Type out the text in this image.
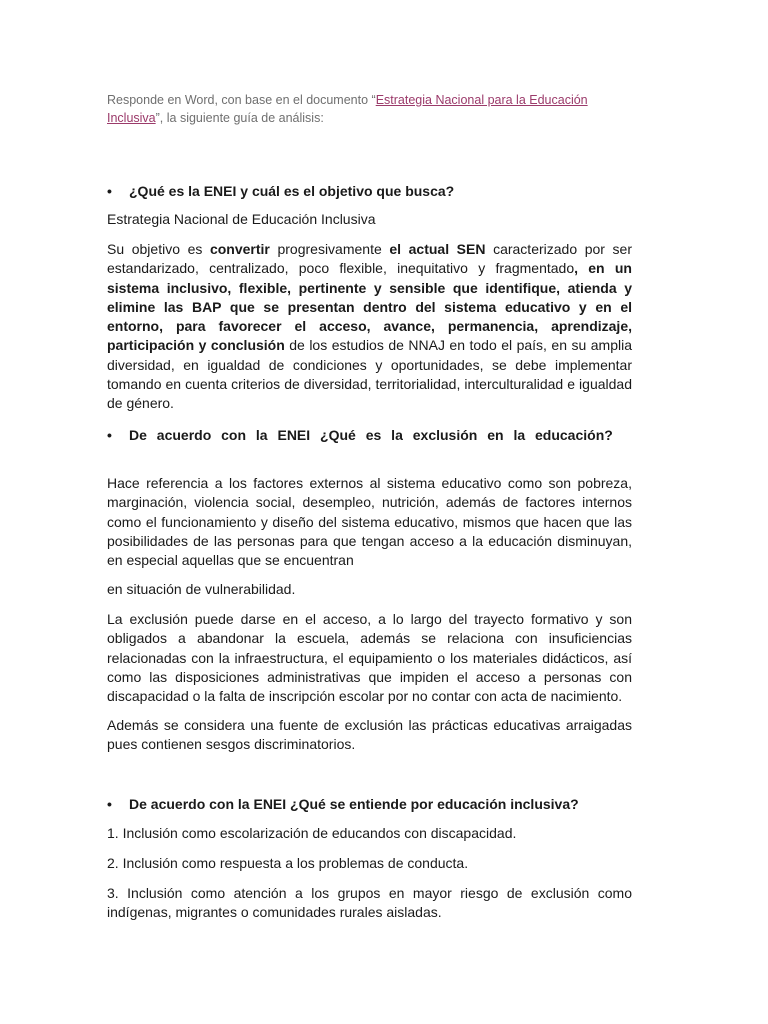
Responde en Word, con base en el documento “Estrategia Nacional para la Educación Inclusiva”, la siguiente guía de análisis:
• ¿Qué es la ENEI y cuál es el objetivo que busca?
Estrategia Nacional de Educación Inclusiva
Su objetivo es convertir progresivamente el actual SEN caracterizado por ser estandarizado, centralizado, poco flexible, inequitativo y fragmentado, en un sistema inclusivo, flexible, pertinente y sensible que identifique, atienda y elimine las BAP que se presentan dentro del sistema educativo y en el entorno, para favorecer el acceso, avance, permanencia, aprendizaje, participación y conclusión de los estudios de NNAJ en todo el país, en su amplia diversidad, en igualdad de condiciones y oportunidades, se debe implementar tomando en cuenta criterios de diversidad, territorialidad, interculturalidad e igualdad de género.
• De acuerdo con la ENEI ¿Qué es la exclusión en la educación?
Hace referencia a los factores externos al sistema educativo como son pobreza, marginación, violencia social, desempleo, nutrición, además de factores internos como el funcionamiento y diseño del sistema educativo, mismos que hacen que las posibilidades de las personas para que tengan acceso a la educación disminuyan, en especial aquellas que se encuentran
en situación de vulnerabilidad.
La exclusión puede darse en el acceso, a lo largo del trayecto formativo y son obligados a abandonar la escuela, además se relaciona con insuficiencias relacionadas con la infraestructura, el equipamiento o los materiales didácticos, así como las disposiciones administrativas que impiden el acceso a personas con discapacidad o la falta de inscripción escolar por no contar con acta de nacimiento.
Además se considera una fuente de exclusión las prácticas educativas arraigadas pues contienen sesgos discriminatorios.
• De acuerdo con la ENEI ¿Qué se entiende por educación inclusiva?
1. Inclusión como escolarización de educandos con discapacidad.
2. Inclusión como respuesta a los problemas de conducta.
3. Inclusión como atención a los grupos en mayor riesgo de exclusión como indígenas, migrantes o comunidades rurales aisladas.
